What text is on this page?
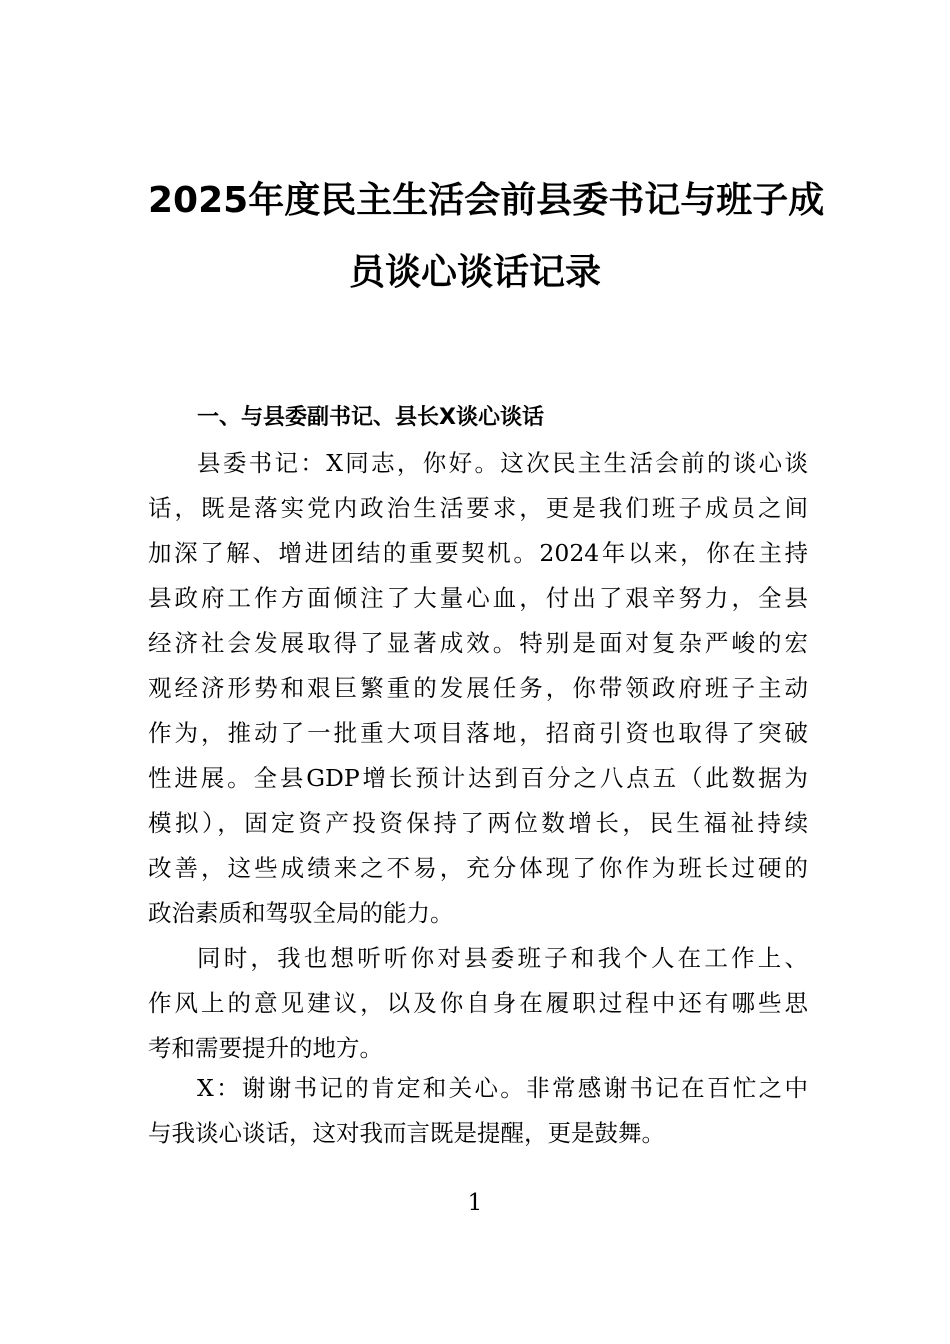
2025年度民主生活会前县委书记与班子成
员谈心谈话记录
一、与县委副书记、县长X谈心谈话
县委书记：X同志，你好。这次民主生活会前的谈心谈
话，既是落实党内政治生活要求，更是我们班子成员之间
加深了解、增进团结的重要契机。2024年以来，你在主持
县政府工作方面倾注了大量心血，付出了艰辛努力，全县
经济社会发展取得了显著成效。特别是面对复杂严峻的宏
观经济形势和艰巨繁重的发展任务，你带领政府班子主动
作为，推动了一批重大项目落地，招商引资也取得了突破
性进展。全县GDP增长预计达到百分之八点五（此数据为
模拟），固定资产投资保持了两位数增长，民生福祉持续
改善，这些成绩来之不易，充分体现了你作为班长过硬的
政治素质和驾驭全局的能力。
同时，我也想听听你对县委班子和我个人在工作上、
作风上的意见建议，以及你自身在履职过程中还有哪些思
考和需要提升的地方。
X：谢谢书记的肯定和关心。非常感谢书记在百忙之中
与我谈心谈话，这对我而言既是提醒，更是鼓舞。
1
